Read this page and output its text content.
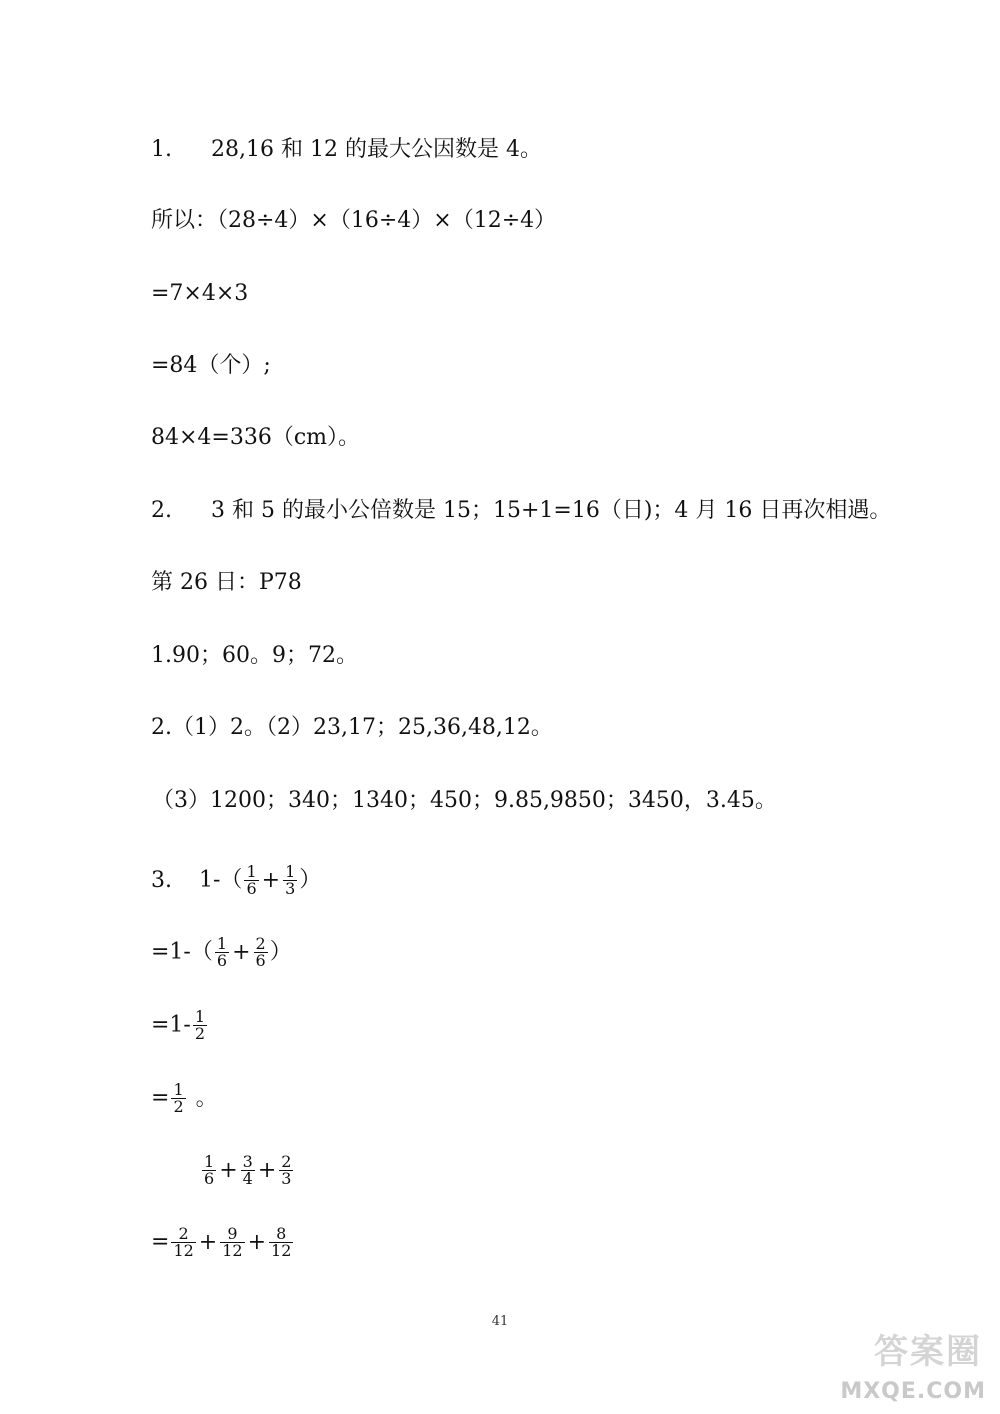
1. 28,16 和 12 的最大公因数是 4。
所以：（28÷4）×（16÷4）×（12÷4）
=7×4×3
=84（个）;
84×4=336（cm）。
2. 3 和 5 的最小公倍数是 15；15+1=16（日)；4 月 16 日再次相遇。
第 26 日：P78
1.90；60。9；72。
2.（1）2。（2）23,17；25,36,48,12。
（3）1200；340；1340；450；9.85,9850；3450，3.45。
3. $1-( \frac{1}{6} + \frac{1}{3}$ ）
$=1-( \frac{1}{6} + \frac{2}{6}$ ）
$=1- \frac{1}{2}$
= $\frac{1}{2}$ 。
$\frac{1}{6} + \frac{3}{4} + \frac{2}{3}$
= $\frac{2}{12} + \frac{9}{12} + \frac{8}{12}$
41
答案圈
MXQE.COM
